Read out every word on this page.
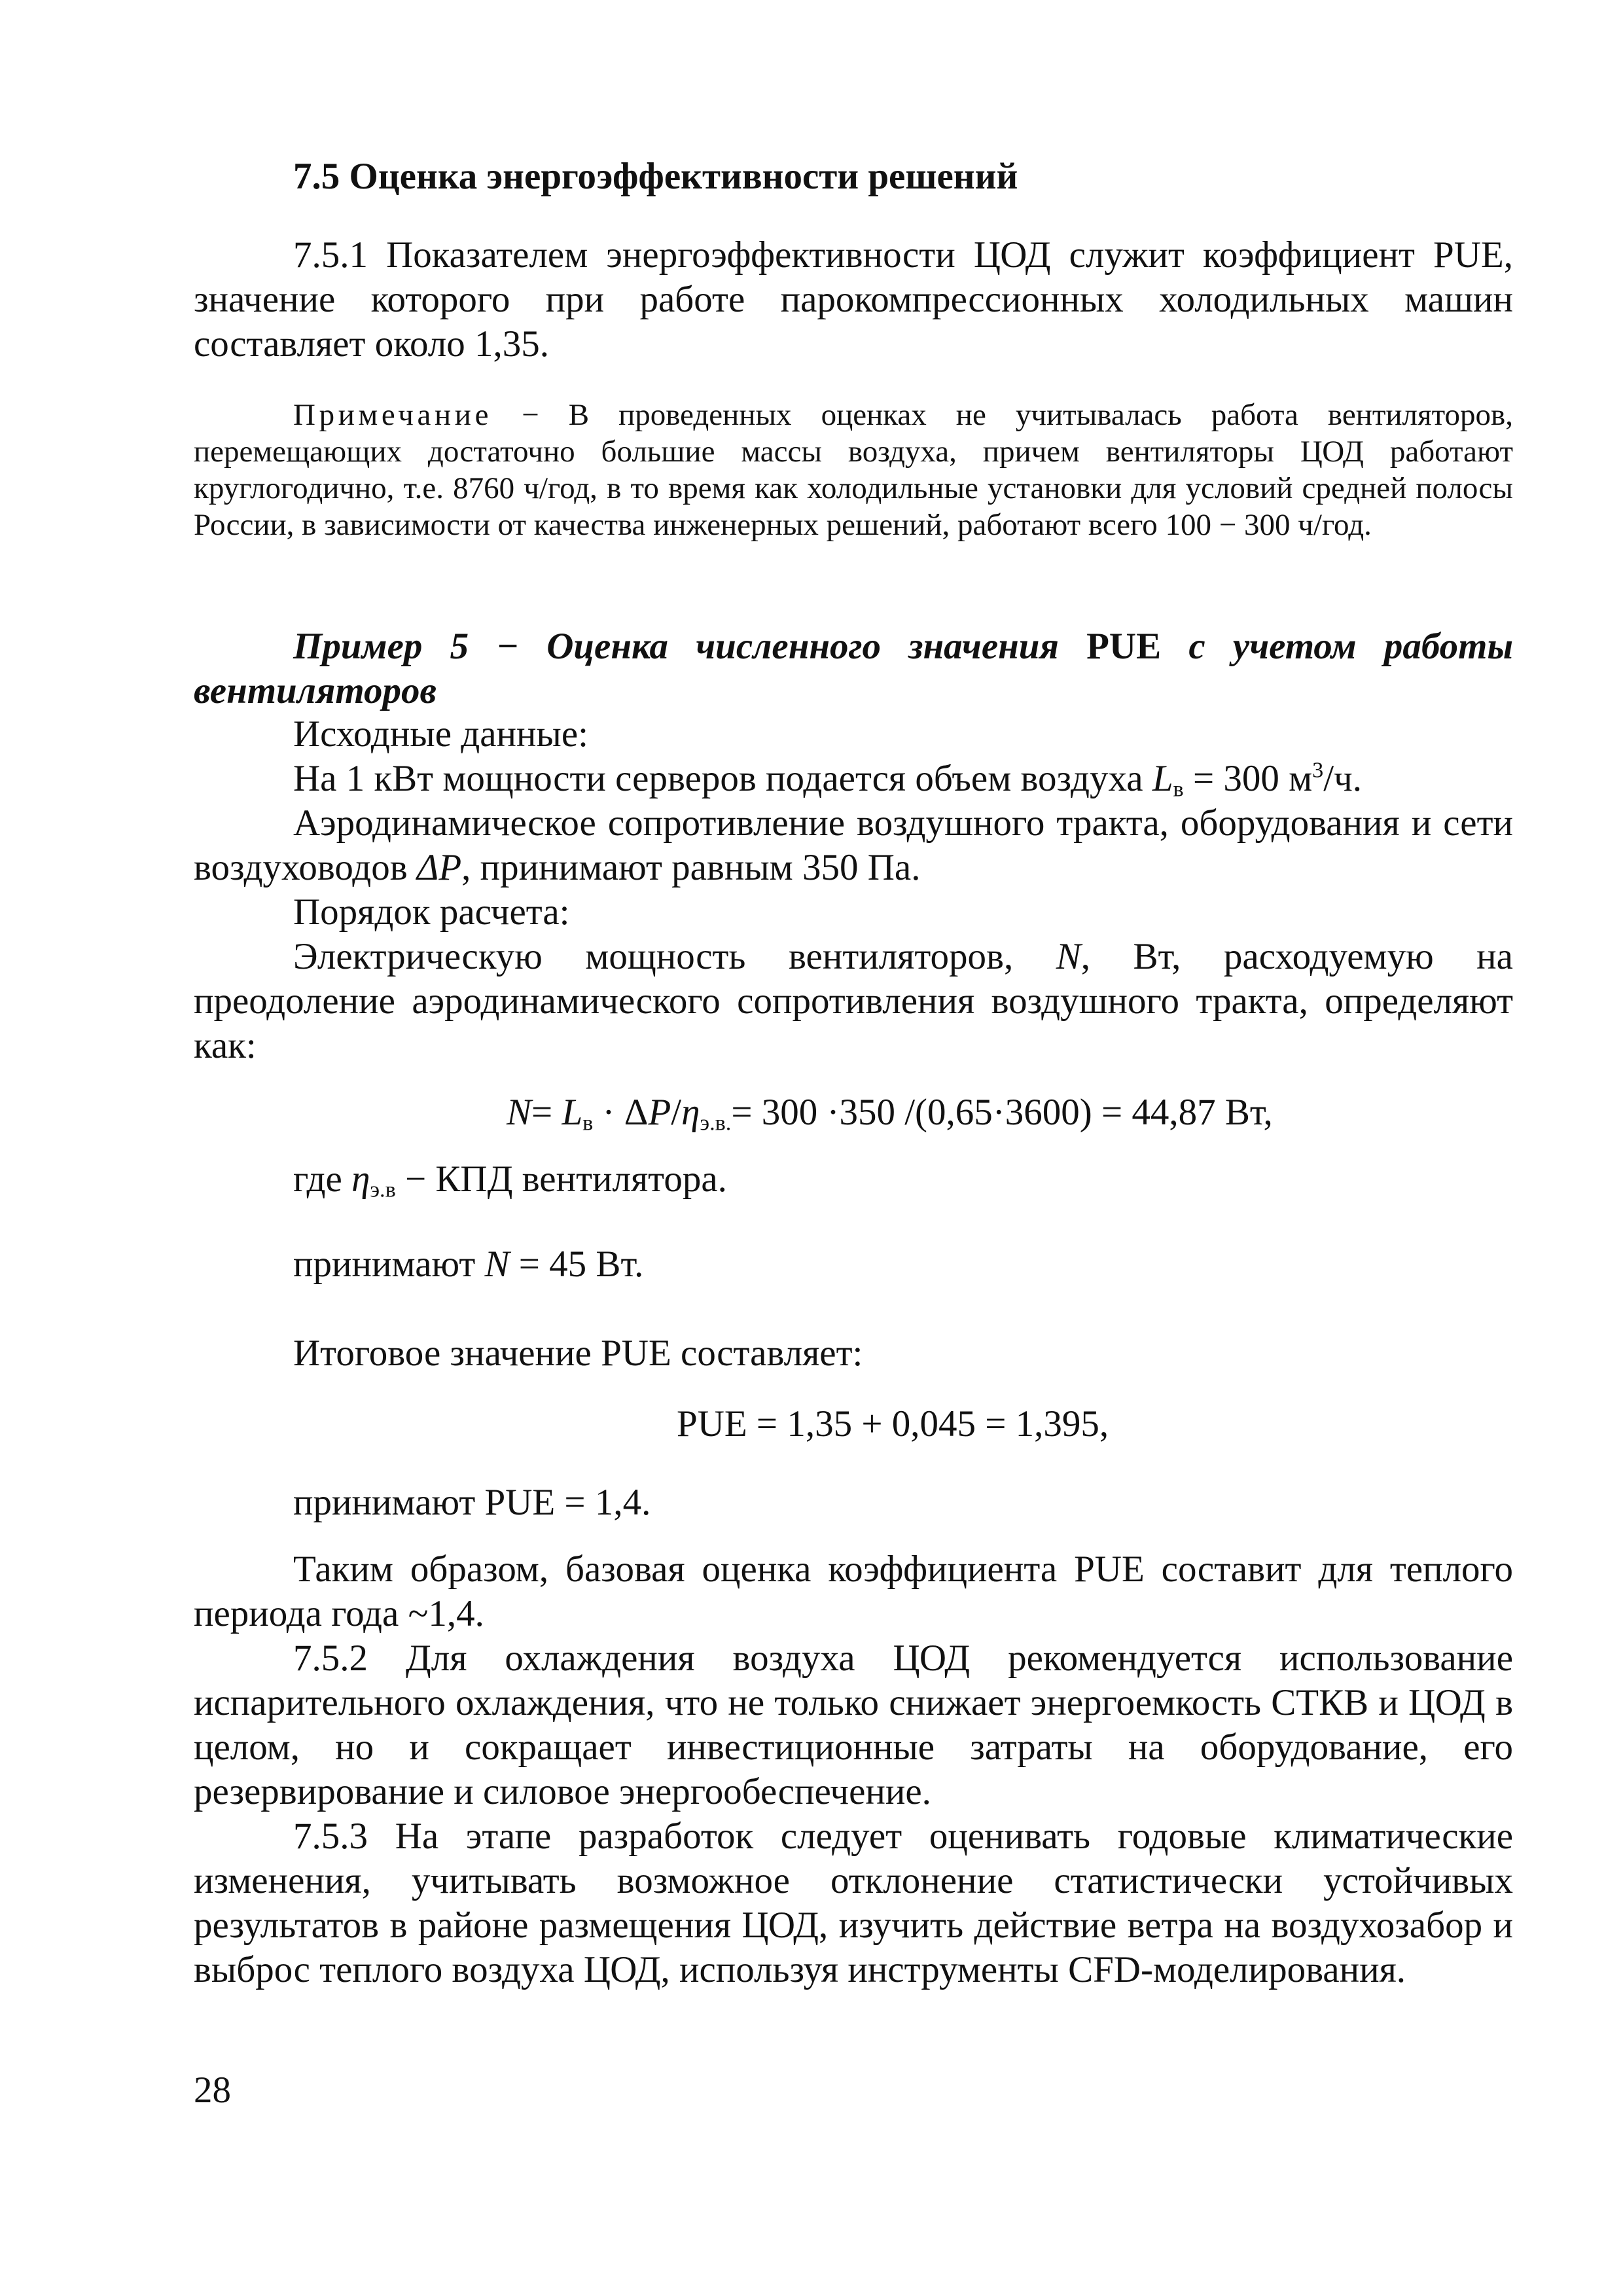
7.5 Оценка энергоэффективности решений

7.5.1 Показателем энергоэффективности ЦОД служит коэффициент PUE, значение которого при работе парокомпрессионных холодильных машин составляет около 1,35.

Примечание − В проведенных оценках не учитывалась работа вентиляторов, перемещающих достаточно большие массы воздуха, причем вентиляторы ЦОД работают круглогодично, т.е. 8760 ч/год, в то время как холодильные установки для условий средней полосы России, в зависимости от качества инженерных решений, работают всего 100 − 300 ч/год.

Пример 5 − Оценка численного значения PUE с учетом работы вентиляторов

Исходные данные:

На 1 кВт мощности серверов подается объем воздуха $L_в = 300$ $м^3/ч$.

Аэродинамическое сопротивление воздушного тракта, оборудования и сети воздуховодов ΔP, принимают равным 350 Па.

Порядок расчета:

Электрическую мощность вентиляторов, N, Вт, расходуемую на преодоление аэродинамического сопротивления воздушного тракта, определяют как:

$N= L_в \cdot \Delta P/\eta_{э.в.}= 300 \cdot 350$ /(0,65·3600) = 44,87 Вт,

где $\eta_{э.в}$ − КПД вентилятора.

принимают N = 45 Вт.

Итоговое значение PUE составляет:

PUE = 1,35 + 0,045 = 1,395,

принимают PUE = 1,4.

Таким образом, базовая оценка коэффициента PUE составит для теплого периода года ~1,4.

7.5.2 Для охлаждения воздуха ЦОД рекомендуется использование испарительного охлаждения, что не только снижает энергоемкость СТКВ и ЦОД в целом, но и сокращает инвестиционные затраты на оборудование, его резервирование и силовое энергообеспечение.

7.5.3 На этапе разработок следует оценивать годовые климатические изменения, учитывать возможное отклонение статистически устойчивых результатов в районе размещения ЦОД, изучить действие ветра на воздухозабор и выброс теплого воздуха ЦОД, используя инструменты CFD-моделирования.

28
